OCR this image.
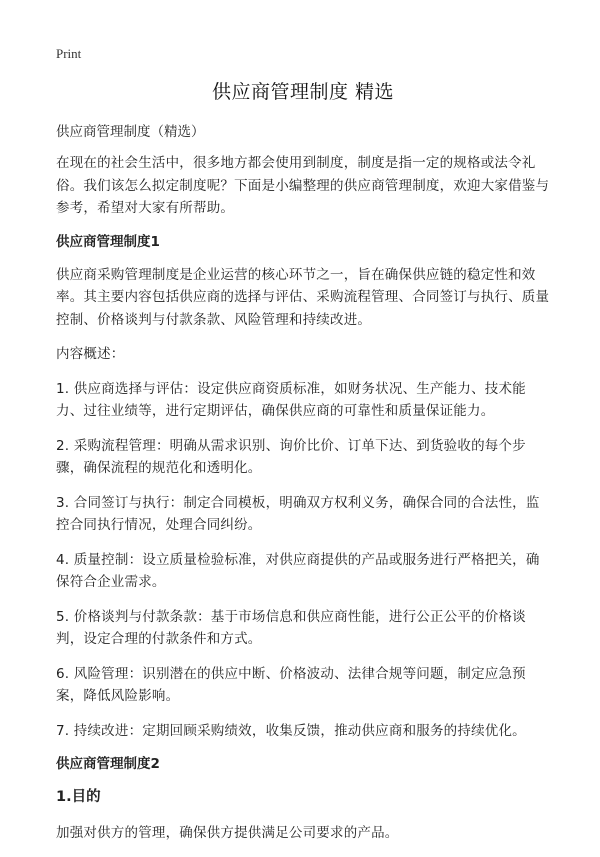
Print
供应商管理制度 精选
供应商管理制度（精选）

在现在的社会生活中，很多地方都会使用到制度，制度是指一定的规格或法令礼俗。我们该怎么拟定制度呢？下面是小编整理的供应商管理制度，欢迎大家借鉴与参考，希望对大家有所帮助。

供应商管理制度1

供应商采购管理制度是企业运营的核心环节之一，旨在确保供应链的稳定性和效率。其主要内容包括供应商的选择与评估、采购流程管理、合同签订与执行、质量控制、价格谈判与付款条款、风险管理和持续改进。

内容概述：

1. 供应商选择与评估：设定供应商资质标准，如财务状况、生产能力、技术能力、过往业绩等，进行定期评估，确保供应商的可靠性和质量保证能力。
2. 采购流程管理：明确从需求识别、询价比价、订单下达、到货验收的每个步骤，确保流程的规范化和透明化。
3. 合同签订与执行：制定合同模板，明确双方权利义务，确保合同的合法性，监控合同执行情况，处理合同纠纷。
4. 质量控制：设立质量检验标准，对供应商提供的产品或服务进行严格把关，确保符合企业需求。
5. 价格谈判与付款条款：基于市场信息和供应商性能，进行公正公平的价格谈判，设定合理的付款条件和方式。
6. 风险管理：识别潜在的供应中断、价格波动、法律合规等问题，制定应急预案，降低风险影响。
7. 持续改进：定期回顾采购绩效，收集反馈，推动供应商和服务的持续优化。
供应商管理制度2
1.目的

加强对供方的管理，确保供方提供满足公司要求的产品。
